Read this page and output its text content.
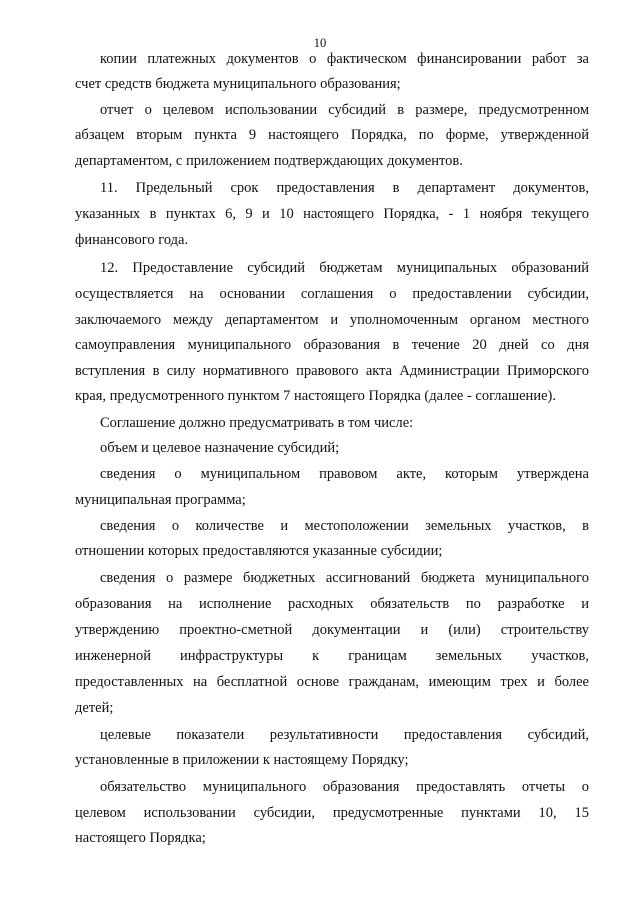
10
копии платежных документов о фактическом финансировании работ за
счет средств бюджета муниципального образования;
отчет о целевом использовании субсидий в размере, предусмотренном
абзацем вторым пункта 9 настоящего Порядка, по форме, утвержденной
департаментом, с приложением подтверждающих документов.
11. Предельный срок предоставления в департамент документов,
указанных в пунктах 6, 9 и 10 настоящего Порядка, - 1 ноября текущего
финансового года.
12. Предоставление субсидий бюджетам муниципальных образований
осуществляется на основании соглашения о предоставлении субсидии,
заключаемого между департаментом и уполномоченным органом местного
самоуправления муниципального образования в течение 20 дней со дня
вступления в силу нормативного правового акта Администрации Приморского
края, предусмотренного пунктом 7 настоящего Порядка (далее - соглашение).
Соглашение должно предусматривать в том числе:
объем и целевое назначение субсидий;
сведения о муниципальном правовом акте, которым утверждена
муниципальная программа;
сведения о количестве и местоположении земельных участков, в
отношении которых предоставляются указанные субсидии;
сведения о размере бюджетных ассигнований бюджета муниципального
образования на исполнение расходных обязательств по разработке и
утверждению проектно-сметной документации и (или) строительству
инженерной инфраструктуры к границам земельных участков,
предоставленных на бесплатной основе гражданам, имеющим трех и более
детей;
целевые показатели результативности предоставления субсидий,
установленные в приложении к настоящему Порядку;
обязательство муниципального образования предоставлять отчеты о
целевом использовании субсидии, предусмотренные пунктами 10, 15
настоящего Порядка;
